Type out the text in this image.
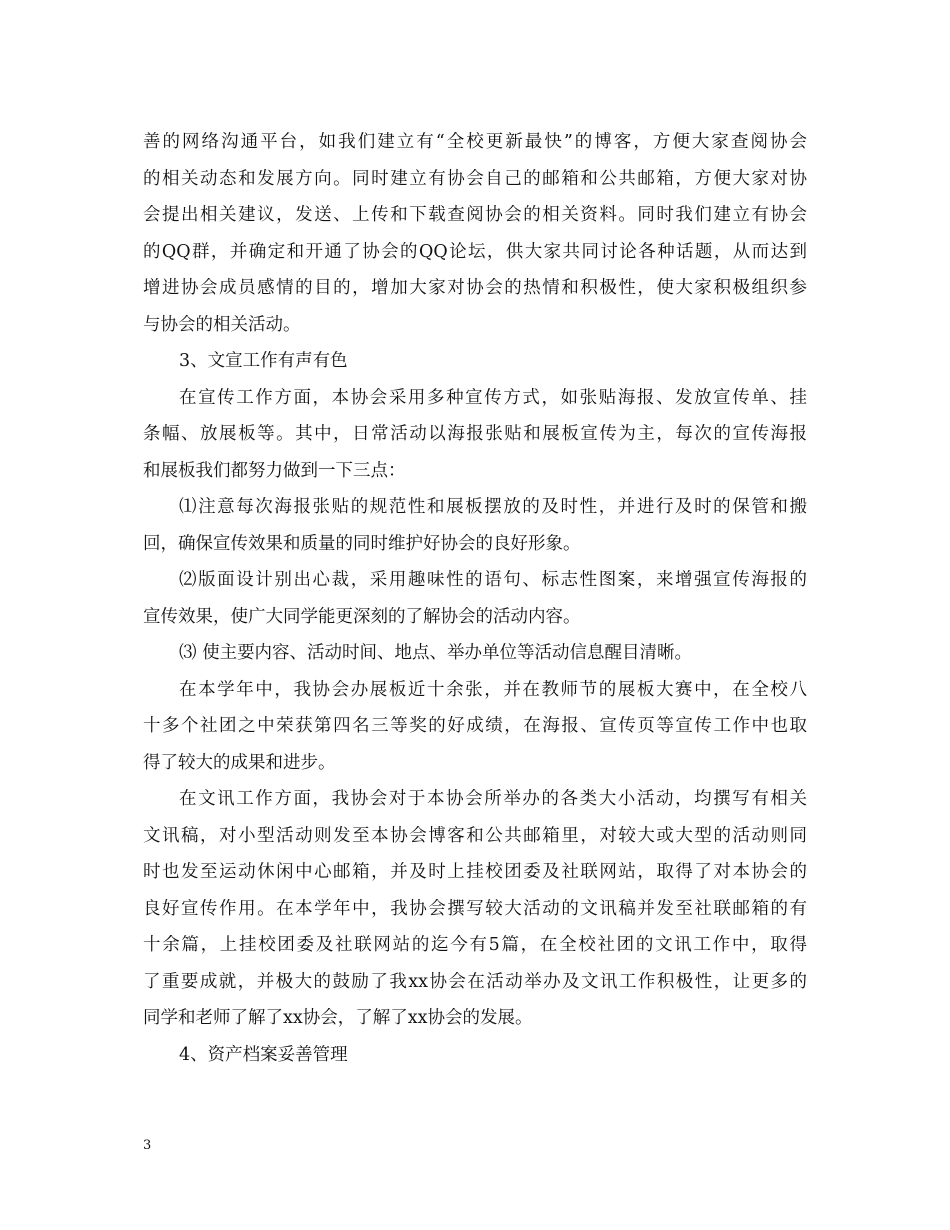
善的网络沟通平台，如我们建立有“全校更新最快”的博客，方便大家查阅协会
的相关动态和发展方向。同时建立有协会自己的邮箱和公共邮箱，方便大家对协
会提出相关建议，发送、上传和下载查阅协会的相关资料。同时我们建立有协会
的QQ群，并确定和开通了协会的QQ论坛，供大家共同讨论各种话题，从而达到
增进协会成员感情的目的，增加大家对协会的热情和积极性，使大家积极组织参
与协会的相关活动。
3、文宣工作有声有色
在宣传工作方面，本协会采用多种宣传方式，如张贴海报、发放宣传单、挂
条幅、放展板等。其中，日常活动以海报张贴和展板宣传为主，每次的宣传海报
和展板我们都努力做到一下三点：
⑴注意每次海报张贴的规范性和展板摆放的及时性，并进行及时的保管和搬
回，确保宣传效果和质量的同时维护好协会的良好形象。
⑵版面设计别出心裁，采用趣味性的语句、标志性图案，来增强宣传海报的
宣传效果，使广大同学能更深刻的了解协会的活动内容。
⑶ 使主要内容、活动时间、地点、举办单位等活动信息醒目清晰。
在本学年中，我协会办展板近十余张，并在教师节的展板大赛中，在全校八
十多个社团之中荣获第四名三等奖的好成绩，在海报、宣传页等宣传工作中也取
得了较大的成果和进步。
在文讯工作方面，我协会对于本协会所举办的各类大小活动，均撰写有相关
文讯稿，对小型活动则发至本协会博客和公共邮箱里，对较大或大型的活动则同
时也发至运动休闲中心邮箱，并及时上挂校团委及社联网站，取得了对本协会的
良好宣传作用。在本学年中，我协会撰写较大活动的文讯稿并发至社联邮箱的有
十余篇，上挂校团委及社联网站的迄今有5篇，在全校社团的文讯工作中，取得
了重要成就，并极大的鼓励了我xx协会在活动举办及文讯工作积极性，让更多的
同学和老师了解了xx协会，了解了xx协会的发展。
4、资产档案妥善管理
3
